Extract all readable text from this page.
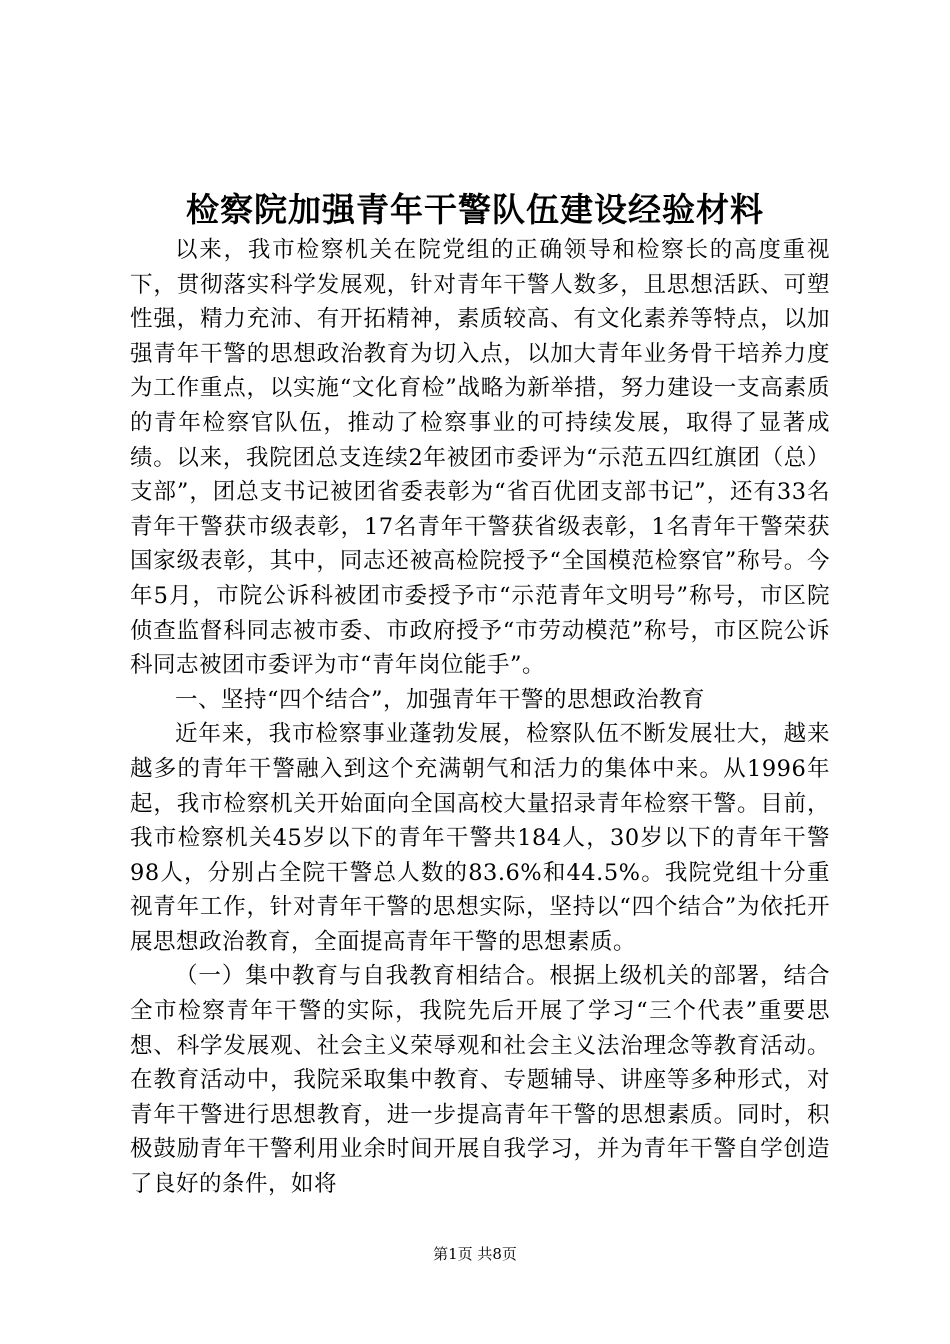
检察院加强青年干警队伍建设经验材料

以来，我市检察机关在院党组的正确领导和检察长的高度重视下，贯彻落实科学发展观，针对青年干警人数多，且思想活跃、可塑性强，精力充沛、有开拓精神，素质较高、有文化素养等特点，以加强青年干警的思想政治教育为切入点，以加大青年业务骨干培养力度为工作重点，以实施“文化育检”战略为新举措，努力建设一支高素质的青年检察官队伍，推动了检察事业的可持续发展，取得了显著成绩。以来，我院团总支连续2年被团市委评为“示范五四红旗团（总）支部”，团总支书记被团省委表彰为“省百优团支部书记”，还有33名青年干警获市级表彰，17名青年干警获省级表彰，1名青年干警荣获国家级表彰，其中，同志还被高检院授予“全国模范检察官”称号。今年5月，市院公诉科被团市委授予市“示范青年文明号”称号，市区院侦查监督科同志被市委、市政府授予“市劳动模范”称号，市区院公诉科同志被团市委评为市“青年岗位能手”。

一、坚持“四个结合”，加强青年干警的思想政治教育

近年来，我市检察事业蓬勃发展，检察队伍不断发展壮大，越来越多的青年干警融入到这个充满朝气和活力的集体中来。从1996年起，我市检察机关开始面向全国高校大量招录青年检察干警。目前，我市检察机关45岁以下的青年干警共184人，30岁以下的青年干警98人，分别占全院干警总人数的83.6%和44.5%。我院党组十分重视青年工作，针对青年干警的思想实际，坚持以“四个结合”为依托开展思想政治教育，全面提高青年干警的思想素质。

（一）集中教育与自我教育相结合。根据上级机关的部署，结合全市检察青年干警的实际，我院先后开展了学习“三个代表”重要思想、科学发展观、社会主义荣辱观和社会主义法治理念等教育活动。在教育活动中，我院采取集中教育、专题辅导、讲座等多种形式，对青年干警进行思想教育，进一步提高青年干警的思想素质。同时，积极鼓励青年干警利用业余时间开展自我学习，并为青年干警自学创造了良好的条件，如将

第1页 共8页
